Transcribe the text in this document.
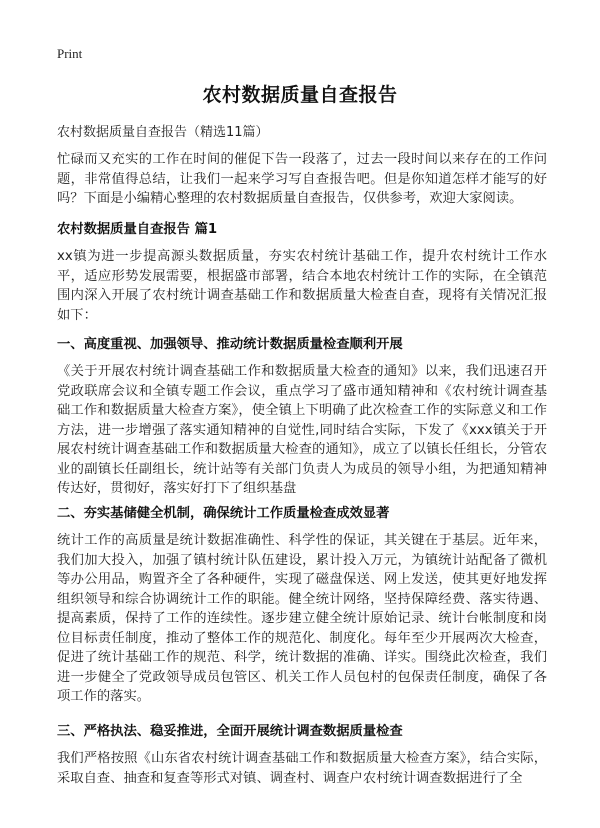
Print
农村数据质量自查报告
农村数据质量自查报告（精选11篇）
忙碌而又充实的工作在时间的催促下告一段落了，过去一段时间以来存在的工作问题，非常值得总结，让我们一起来学习写自查报告吧。但是你知道怎样才能写的好吗？下面是小编精心整理的农村数据质量自查报告，仅供参考，欢迎大家阅读。
农村数据质量自查报告 篇1
xx镇为进一步提高源头数据质量，夯实农村统计基础工作，提升农村统计工作水平，适应形势发展需要，根据盛市部署，结合本地农村统计工作的实际，在全镇范围内深入开展了农村统计调查基础工作和数据质量大检查自查，现将有关情况汇报如下：
一、高度重视、加强领导、推动统计数据质量检查顺利开展
《关于开展农村统计调查基础工作和数据质量大检查的通知》以来，我们迅速召开党政联席会议和全镇专题工作会议，重点学习了盛市通知精神和《农村统计调查基础工作和数据质量大检查方案》，使全镇上下明确了此次检查工作的实际意义和工作方法，进一步增强了落实通知精神的自觉性,同时结合实际，下发了《xxx镇关于开展农村统计调查基础工作和数据质量大检查的通知》，成立了以镇长任组长，分管农业的副镇长任副组长，统计站等有关部门负责人为成员的领导小组，为把通知精神传达好，贯彻好，落实好打下了组织基盘
二、夯实基储健全机制，确保统计工作质量检查成效显著
统计工作的高质量是统计数据准确性、科学性的保证，其关键在于基层。近年来，我们加大投入，加强了镇村统计队伍建设，累计投入万元，为镇统计站配备了微机等办公用品，购置齐全了各种硬件，实现了磁盘保送、网上发送，使其更好地发挥组织领导和综合协调统计工作的职能。健全统计网络，坚持保障经费、落实待遇、提高素质，保持了工作的连续性。逐步建立健全统计原始记录、统计台帐制度和岗位目标责任制度，推动了整体工作的规范化、制度化。每年至少开展两次大检查，促进了统计基础工作的规范、科学，统计数据的准确、详实。围绕此次检查，我们进一步健全了党政领导成员包管区、机关工作人员包村的包保责任制度，确保了各项工作的落实。
三、严格执法、稳妥推进，全面开展统计调查数据质量检查
我们严格按照《山东省农村统计调查基础工作和数据质量大检查方案》，结合实际，采取自查、抽查和复查等形式对镇、调查村、调查户农村统计调查数据进行了全
